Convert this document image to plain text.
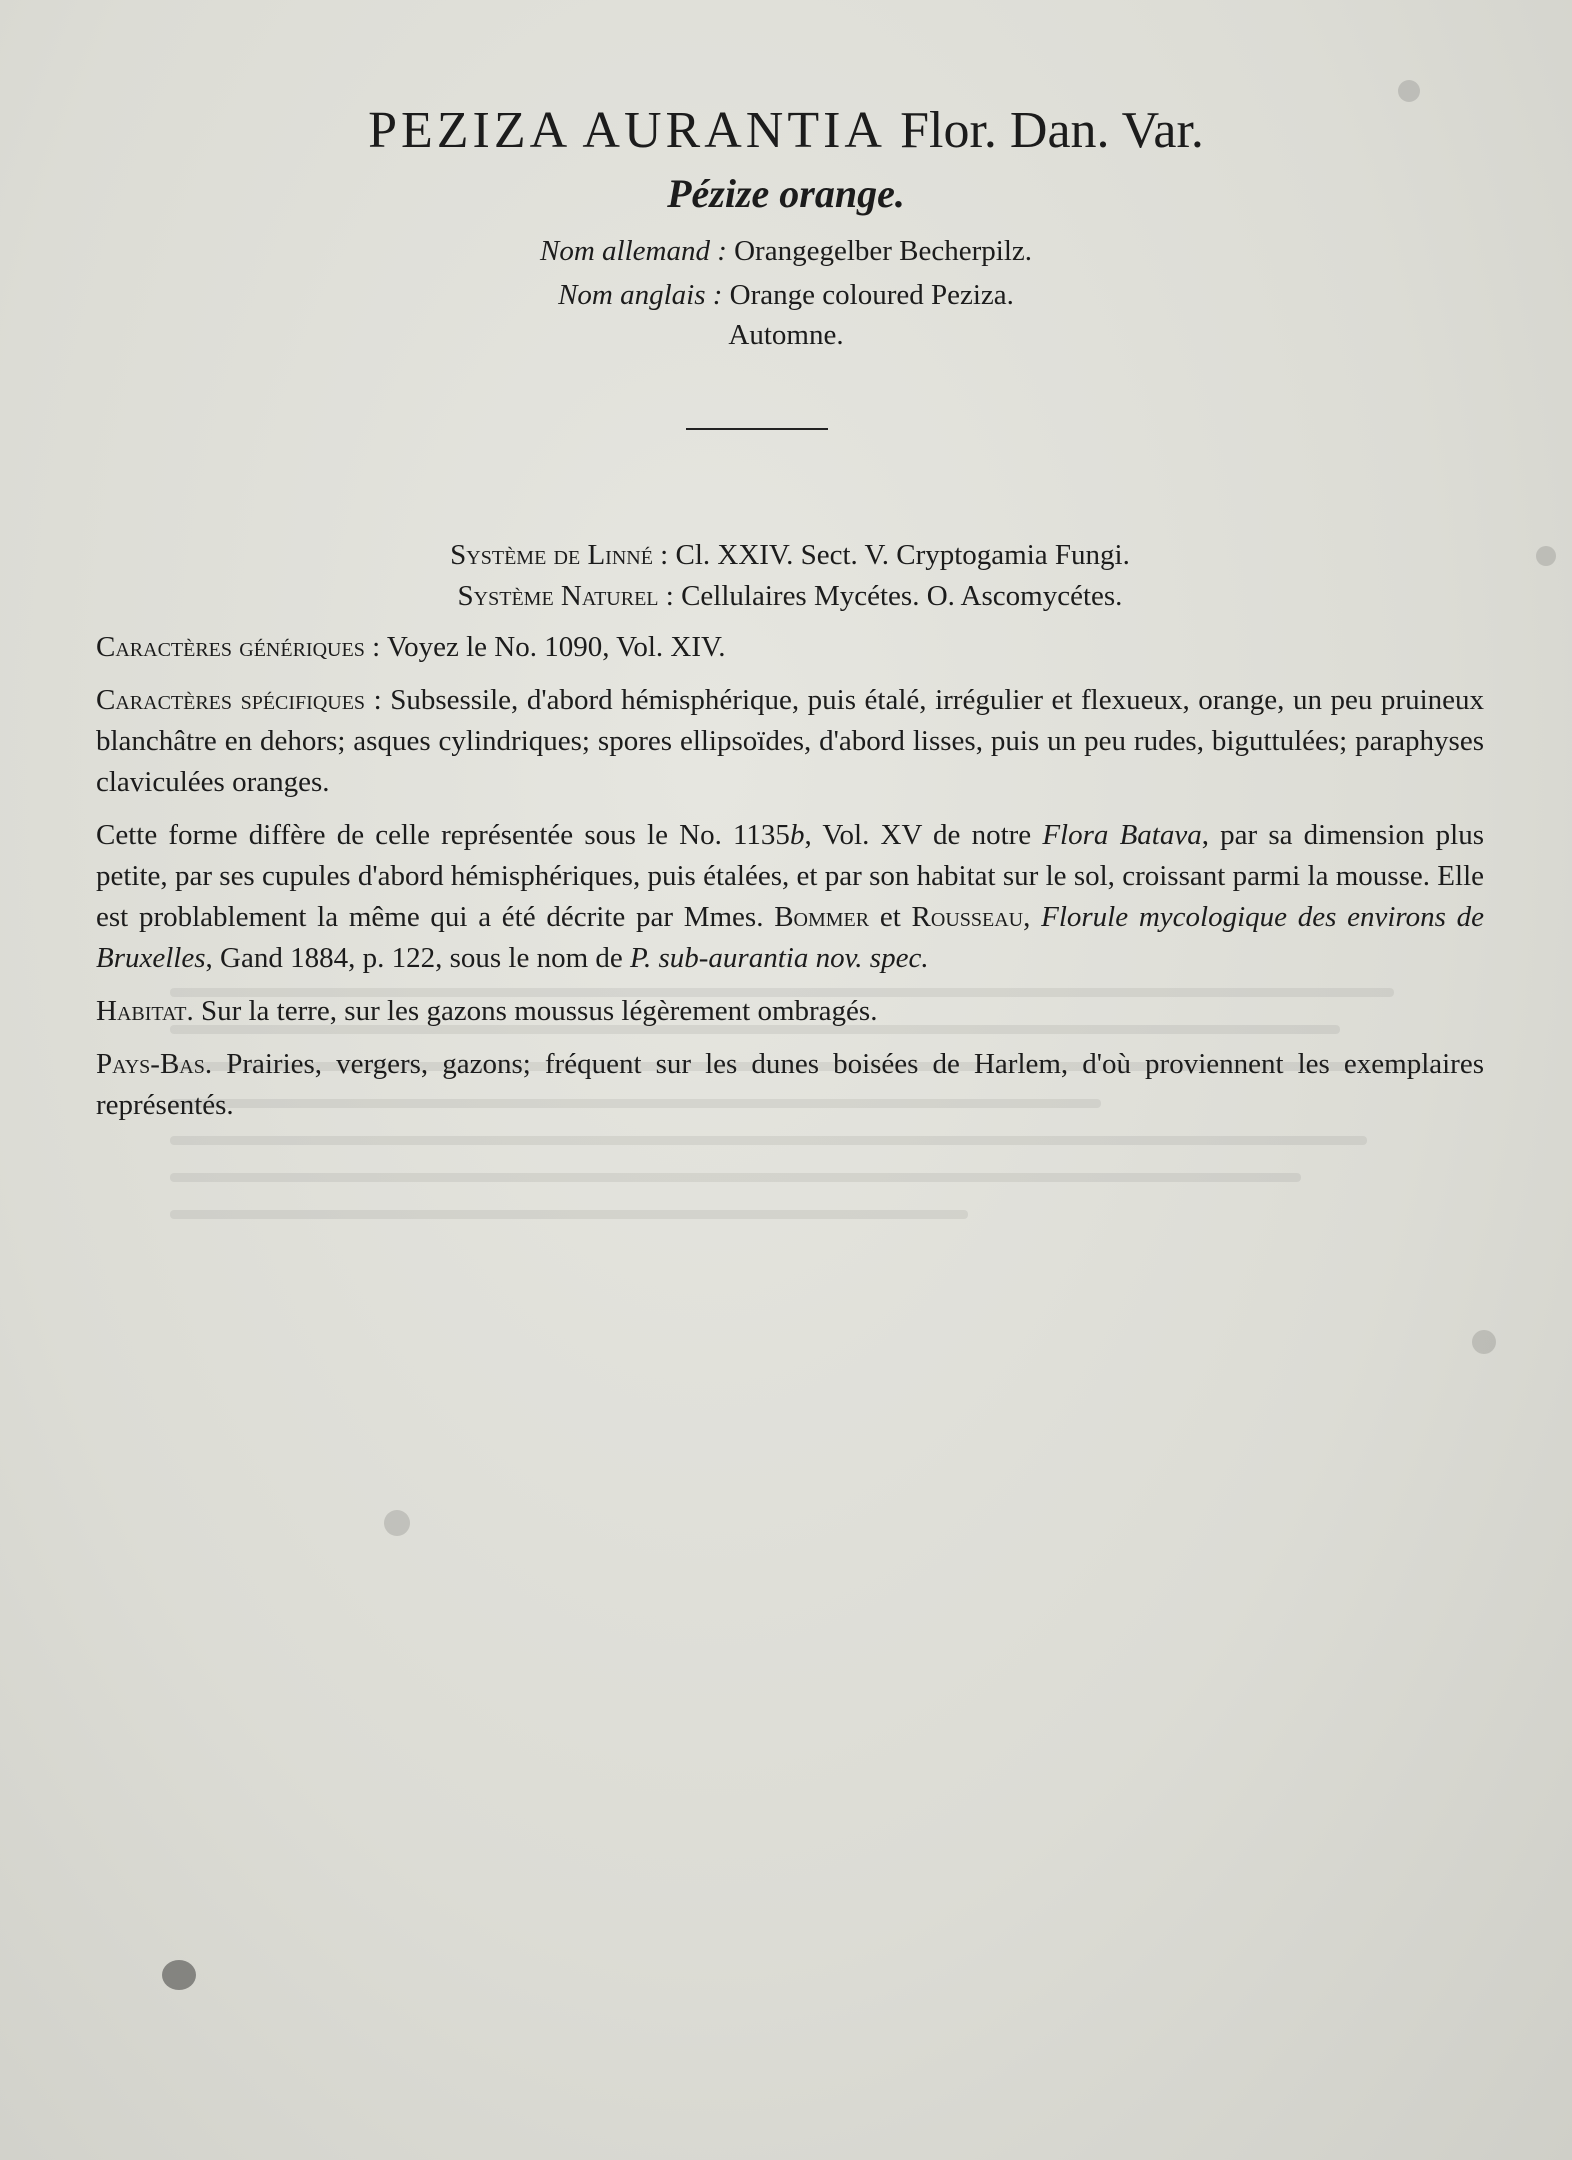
PEZIZA AURANTIA Flor. Dan. Var.

Pézize orange.

Nom allemand : Orangegelber Becherpilz.
Nom anglais : Orange coloured Peziza.
Automne.
Système de Linné : Cl. XXIV. Sect. V. Cryptogamia Fungi.
Système Naturel : Cellulaires Mycétes. O. Ascomycétes.

Caractères génériques : Voyez le No. 1090, Vol. XIV.

Caractères spécifiques : Subsessile, d'abord hémisphérique, puis étalé, irrégulier et flexueux, orange, un peu pruineux blanchâtre en dehors; asques cylindriques; spores ellipsoïdes, d'abord lisses, puis un peu rudes, biguttulées; paraphyses claviculées oranges.

Cette forme diffère de celle représentée sous le No. 1135b, Vol. XV de notre Flora Batava, par sa dimension plus petite, par ses cupules d'abord hémisphériques, puis étalées, et par son habitat sur le sol, croissant parmi la mousse. Elle est problablement la même qui a été décrite par Mmes. Bommer et Rousseau, Florule mycologique des environs de Bruxelles, Gand 1884, p. 122, sous le nom de P. sub-aurantia nov. spec.

Habitat. Sur la terre, sur les gazons moussus légèrement ombragés.

Pays-Bas. Prairies, vergers, gazons; fréquent sur les dunes boisées de Harlem, d'où proviennent les exemplaires représentés.
